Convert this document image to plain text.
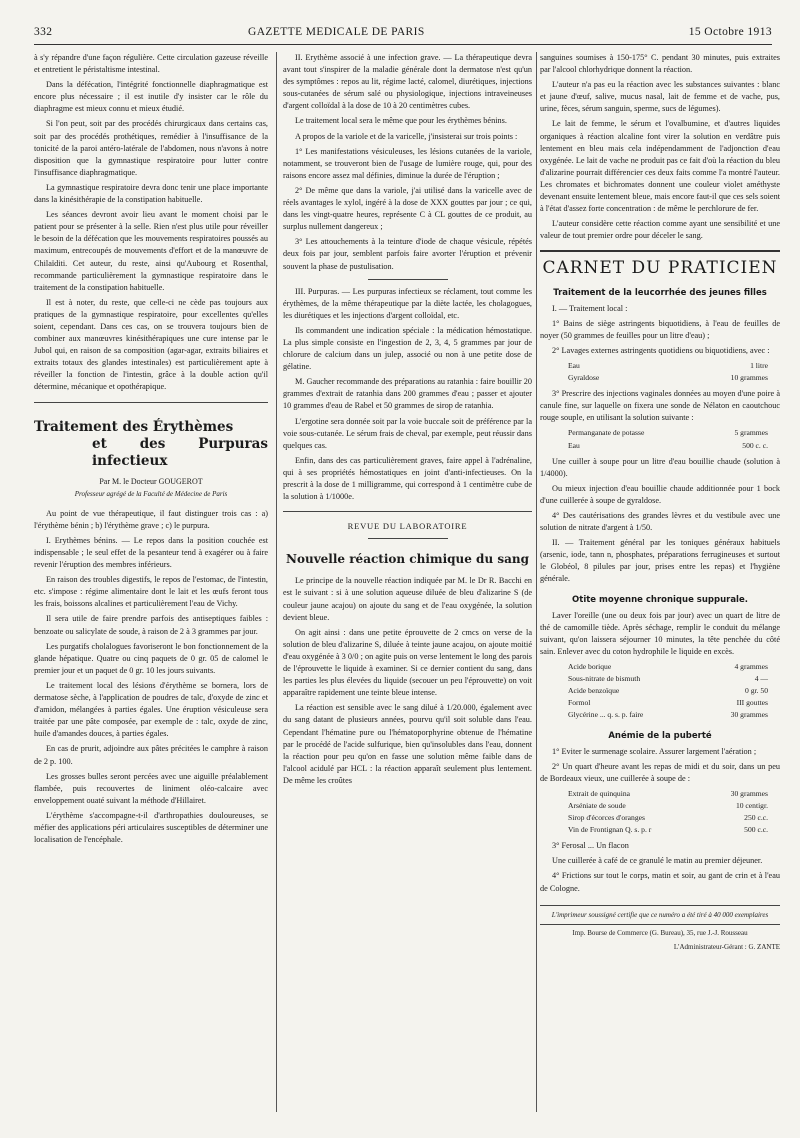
332	GAZETTE MEDICALE DE PARIS	15 Octobre 1913

à s'y répandre d'une façon régulière. Cette circulation gazeuse réveille et entretient le péristaltisme intestinal.

Dans la défécation, l'intégrité fonctionnelle diaphragmatique est encore plus nécessaire ; il est inutile d'y insister car le rôle du diaphragme est mieux connu et mieux étudié.

Si l'on peut, soit par des procédés chirurgicaux dans certains cas, soit par des procédés prothétiques, remédier à l'insuffisance de la tonicité de la paroi antéro-latérale de l'abdomen, nous n'avons à notre disposition que la gymnastique respiratoire pour lutter contre l'insuffisance diaphragmatique.

La gymnastique respiratoire devra donc tenir une place importante dans la kinésithérapie de la constipation habituelle.

Les séances devront avoir lieu avant le moment choisi par le patient pour se présenter à la selle. Rien n'est plus utile pour réveiller le besoin de la défécation que les mouvements respiratoires poussés au maximum, entrecoupés de mouvements d'effort et de la manœuvre de Chilaïditi. Cet auteur, du reste, ainsi qu'Aubourg et Rosenthal, recommande particulièrement la gymnastique respiratoire dans le traitement de la constipation habituelle.

Il est à noter, du reste, que celle-ci ne cède pas toujours aux pratiques de la gymnastique respiratoire, pour excellentes qu'elles soient, cependant. Dans ces cas, on se trouvera toujours bien de combiner aux manœuvres kinésithérapiques une cure intense par le Jubol qui, en raison de sa composition (agar-agar, extraits biliaires et extraits totaux des glandes intestinales) est particulièrement apte à réveiller la fonction de l'intestin, grâce à la double action qu'il détermine, mécanique et opothérapique.

Traitement des Érythèmes
et des Purpuras infectieux
Par M. le Docteur GOUGEROT
Professeur agrégé de la Faculté de Médecine de Paris

Au point de vue thérapeutique, il faut distinguer trois cas : a) l'érythème bénin ; b) l'érythème grave ; c) le purpura.

I. Erythèmes bénins. — Le repos dans la position couchée est indispensable ; le seul effet de la pesanteur tend à exagérer ou à faire revenir l'éruption des membres inférieurs.

En raison des troubles digestifs, le repos de l'estomac, de l'intestin, etc. s'impose : régime alimentaire dont le lait et les œufs feront tous les frais, boissons alcalines et particulièrement l'eau de Vichy.

Il sera utile de faire prendre parfois des antiseptiques faibles : benzoate ou salicylate de soude, à raison de 2 à 3 grammes par jour.

Les purgatifs cholalogues favoriseront le bon fonctionnement de la glande hépatique. Quatre ou cinq paquets de 0 gr. 05 de calomel le premier jour et un paquet de 0 gr. 10 les jours suivants.

Le traitement local des lésions d'érythème se bornera, lors de dermatose sèche, à l'application de poudres de talc, d'oxyde de zinc et d'amidon, mélangées à parties égales. Une éruption vésiculeuse sera traitée par une pâte composée, par exemple de : talc, oxyde de zinc, huile d'amandes douces, à parties égales.

En cas de prurit, adjoindre aux pâtes précitées le camphre à raison de 2 p. 100.

Les grosses bulles seront percées avec une aiguille préalablement flambée, puis recouvertes de liniment oléo-calcaire avec enveloppement ouaté suivant la méthode d'Hillairet.

L'érythème s'accompagne-t-il d'arthropathies douloureuses, se méfier des applications péri articulaires susceptibles de déterminer une localisation de l'encéphale.

II. Erythème associé à une infection grave. — La thérapeutique devra avant tout s'inspirer de la maladie générale dont la dermatose n'est qu'un des symptômes : repos au lit, régime lacté, calomel, diurétiques, injections sous-cutanées de sérum salé ou physiologique, injections intraveineuses d'argent colloïdal à la dose de 10 à 20 centimètres cubes.

Le traitement local sera le même que pour les érythèmes bénins.

A propos de la variole et de la varicelle, j'insisterai sur trois points :

1° Les manifestations vésiculeuses, les lésions cutanées de la variole, notamment, se trouveront bien de l'usage de lumière rouge, qui, pour des raisons encore assez mal définies, diminue la durée de l'éruption ;

2° De même que dans la variole, j'ai utilisé dans la varicelle avec de réels avantages le xylol, ingéré à la dose de XXX gouttes par jour ; ce qui, dans les vingt-quatre heures, représente C à CL gouttes de ce produit, au surplus nullement dangereux ;

3° Les attouchements à la teinture d'iode de chaque vésicule, répétés deux fois par jour, semblent parfois faire avorter l'éruption et prévenir souvent la phase de pustulisation.

III. Purpuras. — Les purpuras infectieux se réclament, tout comme les érythèmes, de la même thérapeutique par la diète lactée, les cholagogues, les diurétiques et les injections d'argent colloïdal, etc.

Ils commandent une indication spéciale : la médication hémostatique. La plus simple consiste en l'ingestion de 2, 3, 4, 5 grammes par jour de chlorure de calcium dans un julep, associé ou non à une petite dose de gélatine.

M. Gaucher recommande des préparations au ratanhia : faire bouillir 20 grammes d'extrait de ratanhia dans 200 grammes d'eau ; passer et ajouter 10 grammes d'eau de Rabel et 50 grammes de sirop de ratanhia.

L'ergotine sera donnée soit par la voie buccale soit de préférence par la voie sous-cutanée. Le sérum frais de cheval, par exemple, peut réussir dans quelques cas.

Enfin, dans des cas particulièrement graves, faire appel à l'adrénaline, qui à ses propriétés hémostatiques en joint d'anti-infectieuses. On la prescrit à la dose de 1 milligramme, qui correspond à 1 centimètre cube de la solution à 1/1000e.

REVUE DU LABORATOIRE
Nouvelle réaction chimique du sang

Le principe de la nouvelle réaction indiquée par M. le Dr R. Bacchi en est le suivant : si à une solution aqueuse diluée de bleu d'alizarine S (de couleur jaune acajou) on ajoute du sang et de l'eau oxygénée, la solution devient bleue.

On agit ainsi : dans une petite éprouvette de 2 cmcs on verse de la solution de bleu d'alizarine S, diluée à teinte jaune acajou, on ajoute moitié d'eau oxygénée à 3 0/0 ; on agite puis on verse lentement le long des parois de l'éprouvette le liquide à examiner. Si ce dernier contient du sang, dans les parties les plus élevées du liquide (secouer un peu l'éprouvette) on voit apparaître rapidement une teinte bleue intense.

La réaction est sensible avec le sang dilué à 1/20.000, également avec du sang datant de plusieurs années, pourvu qu'il soit soluble dans l'eau. Cependant l'hématine pure ou l'hématoporphyrine obtenue de l'hématine par le procédé de l'acide sulfurique, bien qu'insolubles dans l'eau, donnent la réaction pour peu qu'on en fasse une solution même faible dans de l'alcool acidulé par HCL : la réaction apparaît seulement plus lentement. De même les croûtes

sanguines soumises à 150-175° C. pendant 30 minutes, puis extraites par l'alcool chlorhydrique donnent la réaction.

L'auteur n'a pas eu la réaction avec les substances suivantes : blanc et jaune d'œuf, salive, mucus nasal, lait de femme et de vache, pus, urine, fèces, sérum sanguin, sperme, sucs de légumes).

Le lait de femme, le sérum et l'ovalbumine, et d'autres liquides organiques à réaction alcaline font virer la solution en verdâtre puis lentement en bleu mais cela indépendamment de l'adjonction d'eau oxygénée. Le lait de vache ne produit pas ce fait d'où la réaction du bleu d'alizarine pourrait différencier ces deux faits comme l'a montré l'auteur. Les chromates et bichromates donnent une couleur violet améthyste devenant ensuite lentement bleue, mais encore faut-il que ces sels soient à l'état d'assez forte concentration : de même le perchlorure de fer.

L'auteur considère cette réaction comme ayant une sensibilité et une valeur de tout premier ordre pour déceler le sang.

CARNET DU PRATICIEN
Traitement de la leucorrhée des jeunes filles

I. — Traitement local :

1° Bains de siège astringents biquotidiens, à l'eau de feuilles de noyer (50 grammes de feuilles pour un litre d'eau) ;

2° Lavages externes astringents quotidiens ou biquotidiens, avec :

Eau	1 litre
Gyraldose	10 grammes

3° Prescrire des injections vaginales données au moyen d'une poire à canule fine, sur laquelle on fixera une sonde de Nélaton en caoutchouc rouge souple, en utilisant la solution suivante :

Permanganate de potasse	5 grammes
Eau	500 c. c.

Une cuiller à soupe pour un litre d'eau bouillie chaude (solution à 1/4000).

Ou mieux injection d'eau bouillie chaude additionnée pour 1 bock d'une cuillerée à soupe de gyraldose.

4° Des cautérisations des grandes lèvres et du vestibule avec une solution de nitrate d'argent à 1/50.

II. — Traitement général par les toniques généraux habituels (arsenic, iode, tann n, phosphates, préparations ferrugineuses et surtout le Globéol, 8 pilules par jour, prises entre les repas) et l'hygiène générale.

Otite moyenne chronique suppurale.

Laver l'oreille (une ou deux fois par jour) avec un quart de litre de thé de camomille tiède. Après séchage, remplir le conduit du mélange suivant, qu'on laissera séjourner 10 minutes, la tête penchée du côté sain. Enlever avec du coton hydrophile le liquide en excès.

Acide borique	4 grammes
Sous-nitrate de bismuth	4 —
Acide benzoïque	0 gr. 50
Formol	III gouttes
Glycérine ... q. s. p. faire	30 grammes
Anémie de la puberté

1° Eviter le surmenage scolaire. Assurer largement l'aération ;

2° Un quart d'heure avant les repas de midi et du soir, dans un peu de Bordeaux vieux, une cuillerée à soupe de :

Extrait de quinquina	30 grammes
Arséniate de soude	10 centigr.
Sirop d'écorces d'oranges	250 c.c.
Vin de Frontignan Q. s. p. r	500 c.c.

3° Ferosal ... Un flacon

Une cuillerée à café de ce granulé le matin au premier déjeuner.

4° Frictions sur tout le corps, matin et soir, au gant de crin et à l'eau de Cologne.

L'imprimeur soussigné certifie que ce numéro a été tiré à 40 000 exemplaires
Imp. Bourse de Commerce (G. Bureau), 35, rue J.-J. Rousseau
L'Administrateur-Gérant : G. ZANTE
